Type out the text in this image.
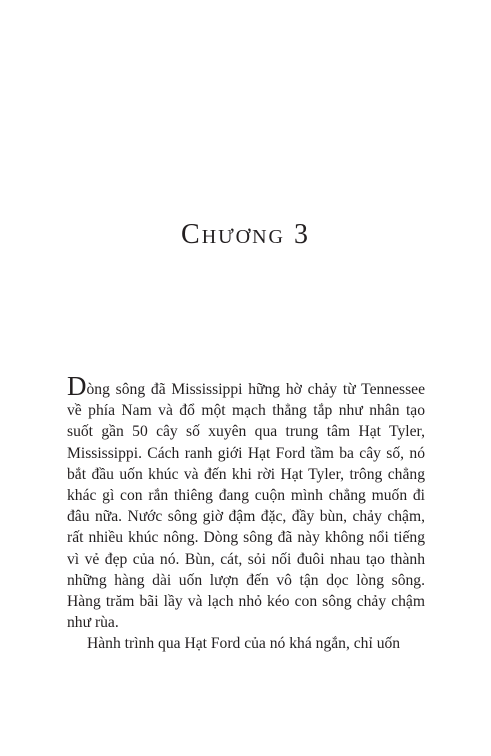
Chương 3

Dòng sông đã Mississippi hững hờ chảy từ Tennessee về phía Nam và đổ một mạch thẳng tắp như nhân tạo suốt gần 50 cây số xuyên qua trung tâm Hạt Tyler, Mississippi. Cách ranh giới Hạt Ford tầm ba cây số, nó bắt đầu uốn khúc và đến khi rời Hạt Tyler, trông chẳng khác gì con rắn thiêng đang cuộn mình chẳng muốn đi đâu nữa. Nước sông giờ đậm đặc, đầy bùn, chảy chậm, rất nhiều khúc nông. Dòng sông đã này không nổi tiếng vì vẻ đẹp của nó. Bùn, cát, sỏi nối đuôi nhau tạo thành những hàng dài uốn lượn đến vô tận dọc lòng sông. Hàng trăm bãi lầy và lạch nhỏ kéo con sông chảy chậm như rùa.

Hành trình qua Hạt Ford của nó khá ngắn, chỉ uốn
